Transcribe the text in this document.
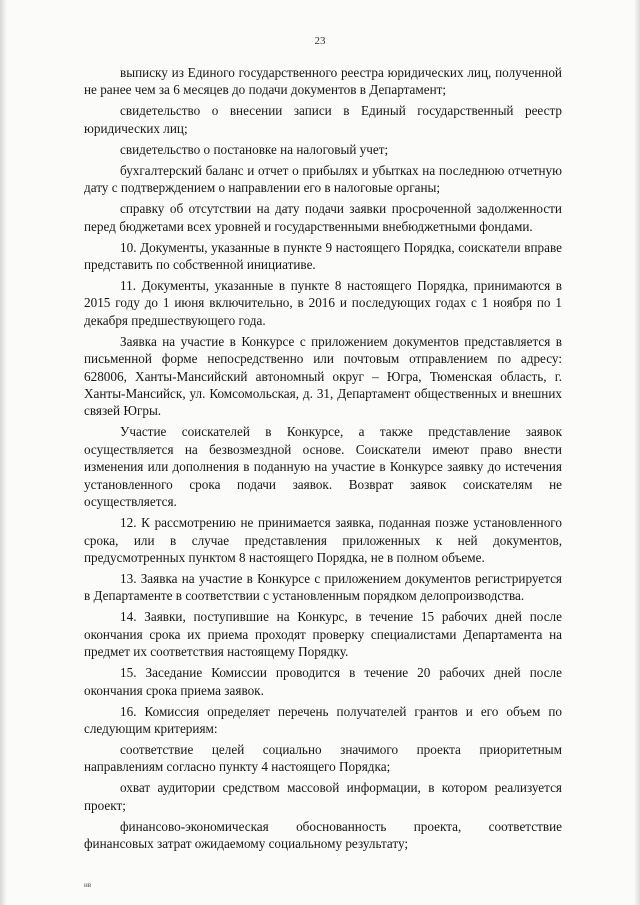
23

выписку из Единого государственного реестра юридических лиц, полученной не ранее чем за 6 месяцев до подачи документов в Департамент;

свидетельство о внесении записи в Единый государственный реестр юридических лиц;

свидетельство о постановке на налоговый учет;

бухгалтерский баланс и отчет о прибылях и убытках на последнюю отчетную дату с подтверждением о направлении его в налоговые органы;

справку об отсутствии на дату подачи заявки просроченной задолженности перед бюджетами всех уровней и государственными внебюджетными фондами.

10. Документы, указанные в пункте 9 настоящего Порядка, соискатели вправе представить по собственной инициативе.

11. Документы, указанные в пункте 8 настоящего Порядка, принимаются в 2015 году до 1 июня включительно, в 2016 и последующих годах с 1 ноября по 1 декабря предшествующего года.

Заявка на участие в Конкурсе с приложением документов представляется в письменной форме непосредственно или почтовым отправлением по адресу: 628006, Ханты-Мансийский автономный округ – Югра, Тюменская область, г. Ханты-Мансийск, ул. Комсомольская, д. 31, Департамент общественных и внешних связей Югры.

Участие соискателей в Конкурсе, а также представление заявок осуществляется на безвозмездной основе. Соискатели имеют право внести изменения или дополнения в поданную на участие в Конкурсе заявку до истечения установленного срока подачи заявок. Возврат заявок соискателям не осуществляется.

12. К рассмотрению не принимается заявка, поданная позже установленного срока, или в случае представления приложенных к ней документов, предусмотренных пунктом 8 настоящего Порядка, не в полном объеме.

13. Заявка на участие в Конкурсе с приложением документов регистрируется в Департаменте в соответствии с установленным порядком делопроизводства.

14. Заявки, поступившие на Конкурс, в течение 15 рабочих дней после окончания срока их приема проходят проверку специалистами Департамента на предмет их соответствия настоящему Порядку.

15. Заседание Комиссии проводится в течение 20 рабочих дней после окончания срока приема заявок.

16. Комиссия определяет перечень получателей грантов и его объем по следующим критериям:

соответствие целей социально значимого проекта приоритетным направлениям согласно пункту 4 настоящего Порядка;

охват аудитории средством массовой информации, в котором реализуется проект;

финансово-экономическая обоснованность проекта, соответствие финансовых затрат ожидаемому социальному результату;

нв
